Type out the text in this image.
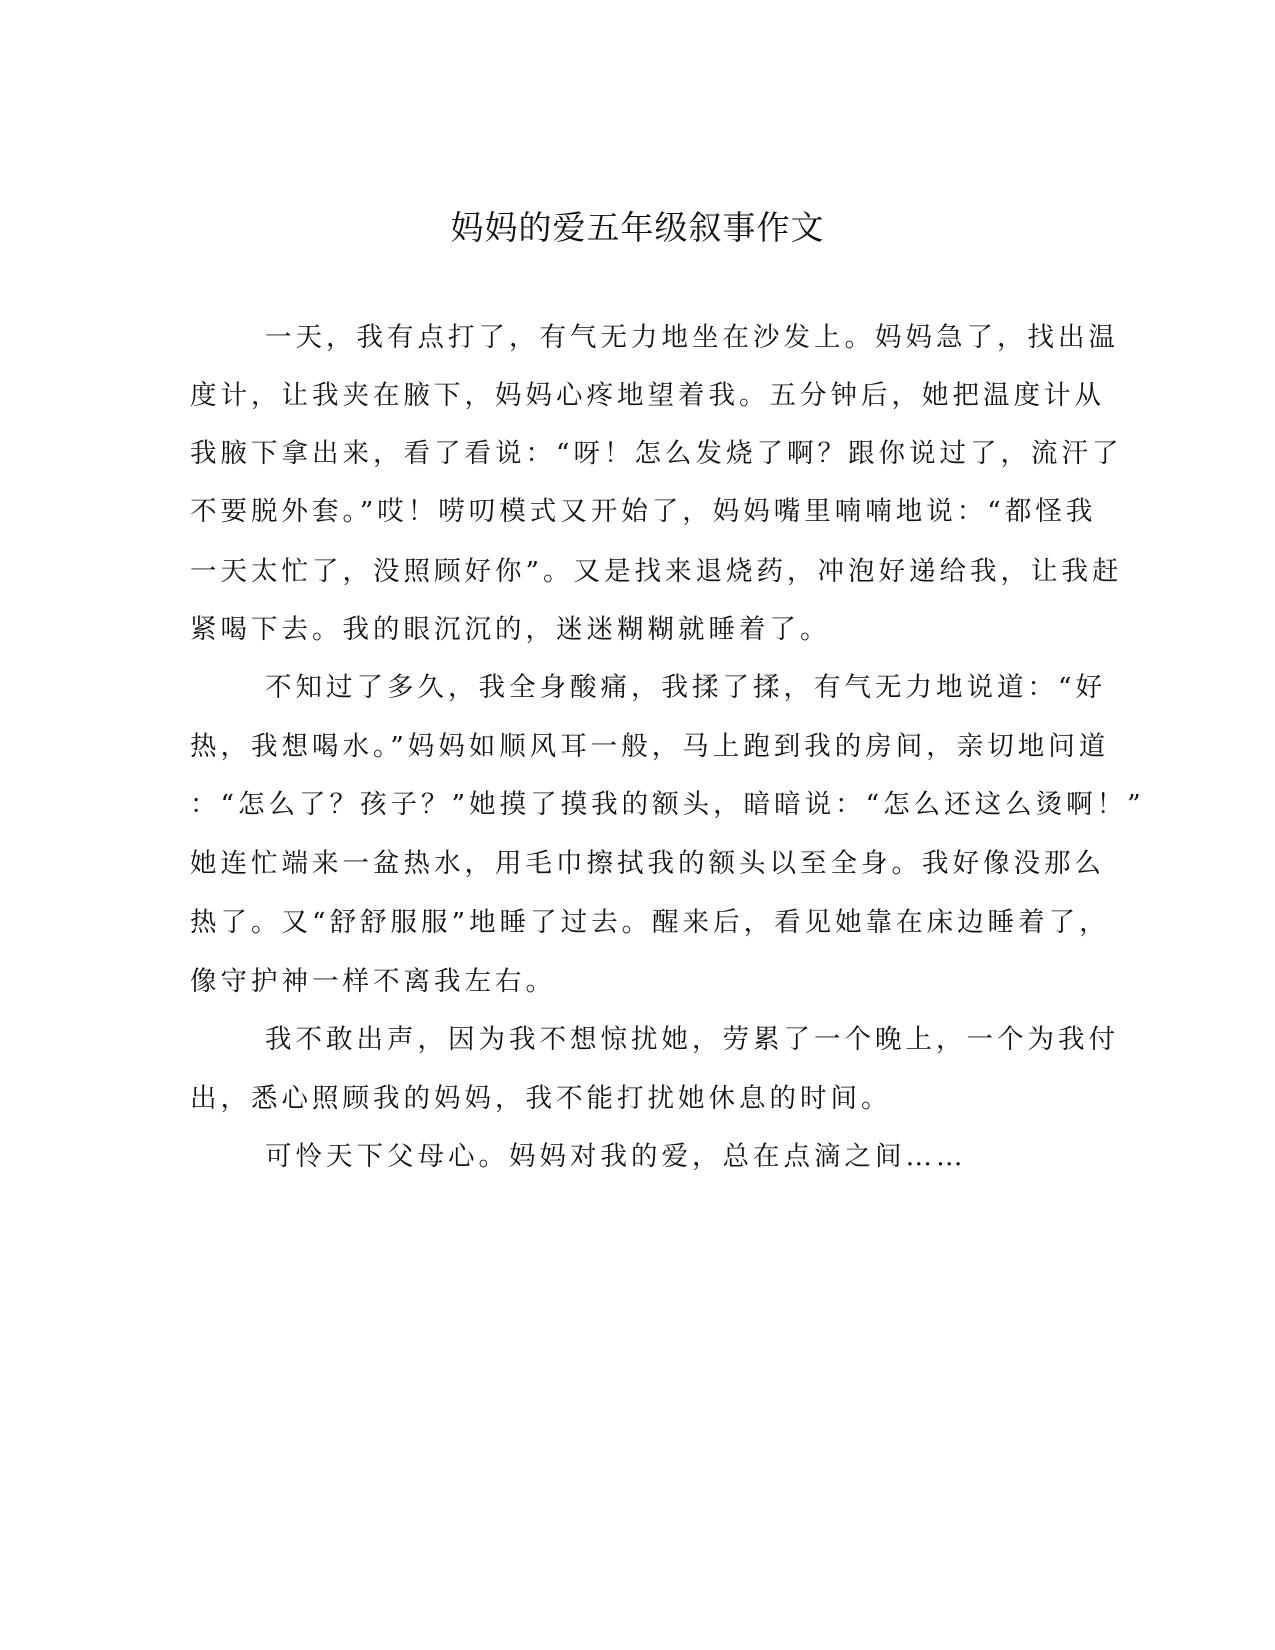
妈妈的爱五年级叙事作文

一天，我有点打了，有气无力地坐在沙发上。妈妈急了，找出温

度计，让我夹在腋下，妈妈心疼地望着我。五分钟后，她把温度计从

我腋下拿出来，看了看说：“呀！怎么发烧了啊？跟你说过了，流汗了

不要脱外套。”哎！唠叨模式又开始了，妈妈嘴里喃喃地说：“都怪我

一天太忙了，没照顾好你”。又是找来退烧药，冲泡好递给我，让我赶

紧喝下去。我的眼沉沉的，迷迷糊糊就睡着了。

不知过了多久，我全身酸痛，我揉了揉，有气无力地说道：“好

热，我想喝水。”妈妈如顺风耳一般，马上跑到我的房间，亲切地问道

：“怎么了？孩子？”她摸了摸我的额头，暗暗说：“怎么还这么烫啊！”

她连忙端来一盆热水，用毛巾擦拭我的额头以至全身。我好像没那么

热了。又“舒舒服服”地睡了过去。醒来后，看见她靠在床边睡着了，

像守护神一样不离我左右。

我不敢出声，因为我不想惊扰她，劳累了一个晚上，一个为我付

出，悉心照顾我的妈妈，我不能打扰她休息的时间。

可怜天下父母心。妈妈对我的爱，总在点滴之间……
